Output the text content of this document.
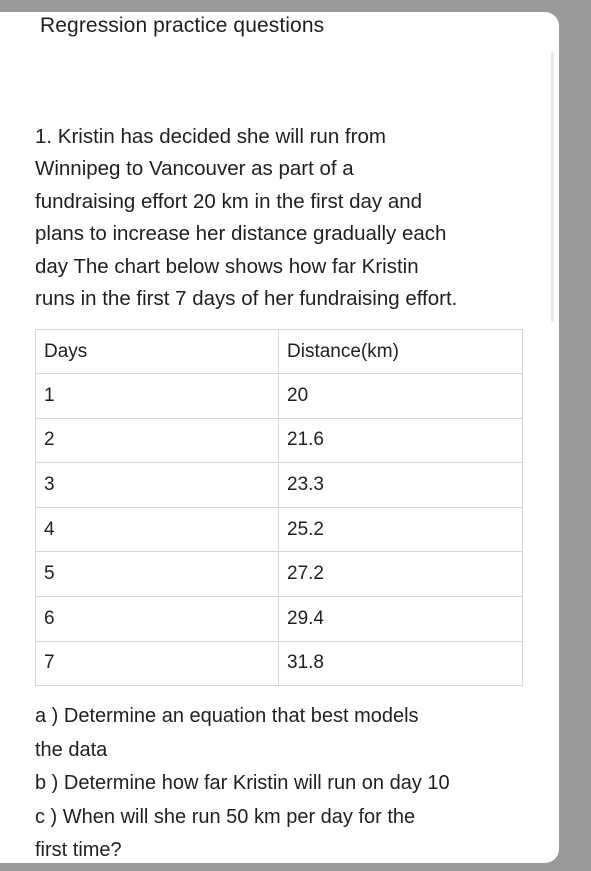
Regression practice questions

1. Kristin has decided she will run from

Winnipeg to Vancouver as part of a

fundraising effort 20 km in the first day and

plans to increase her distance gradually each

day The chart below shows how far Kristin

runs in the first 7 days of her fundraising effort.

Days	Distance(km)
1	20
2	21.6
3	23.3
4	25.2
5	27.2
6	29.4
7	31.8

a ) Determine an equation that best models

the data

b ) Determine how far Kristin will run on day 10

c ) When will she run 50 km per day for the

first time?
